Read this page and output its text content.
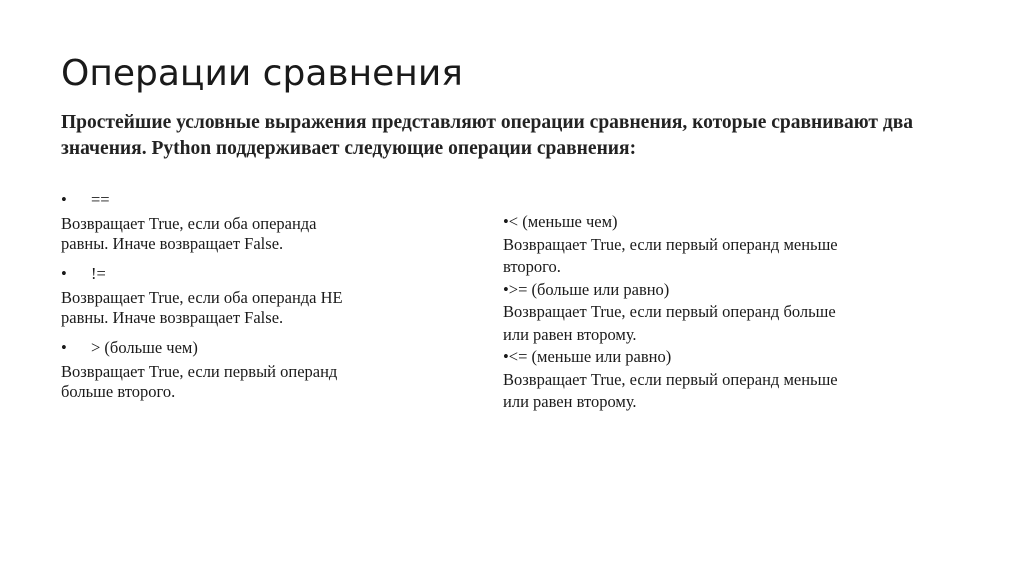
Операции сравнения
Простейшие условные выражения представляют операции сравнения, которые сравнивают два значения. Python поддерживает следующие операции сравнения:
• ==
Возвращает True, если оба операнда
равны. Иначе возвращает False.
• !=
Возвращает True, если оба операнда НЕ
равны. Иначе возвращает False.
• > (больше чем)
Возвращает True, если первый операнд
больше второго.
•< (меньше чем)
Возвращает True, если первый операнд меньше
второго.
•>= (больше или равно)
Возвращает True, если первый операнд больше
или равен второму.
•<= (меньше или равно)
Возвращает True, если первый операнд меньше
или равен второму.
